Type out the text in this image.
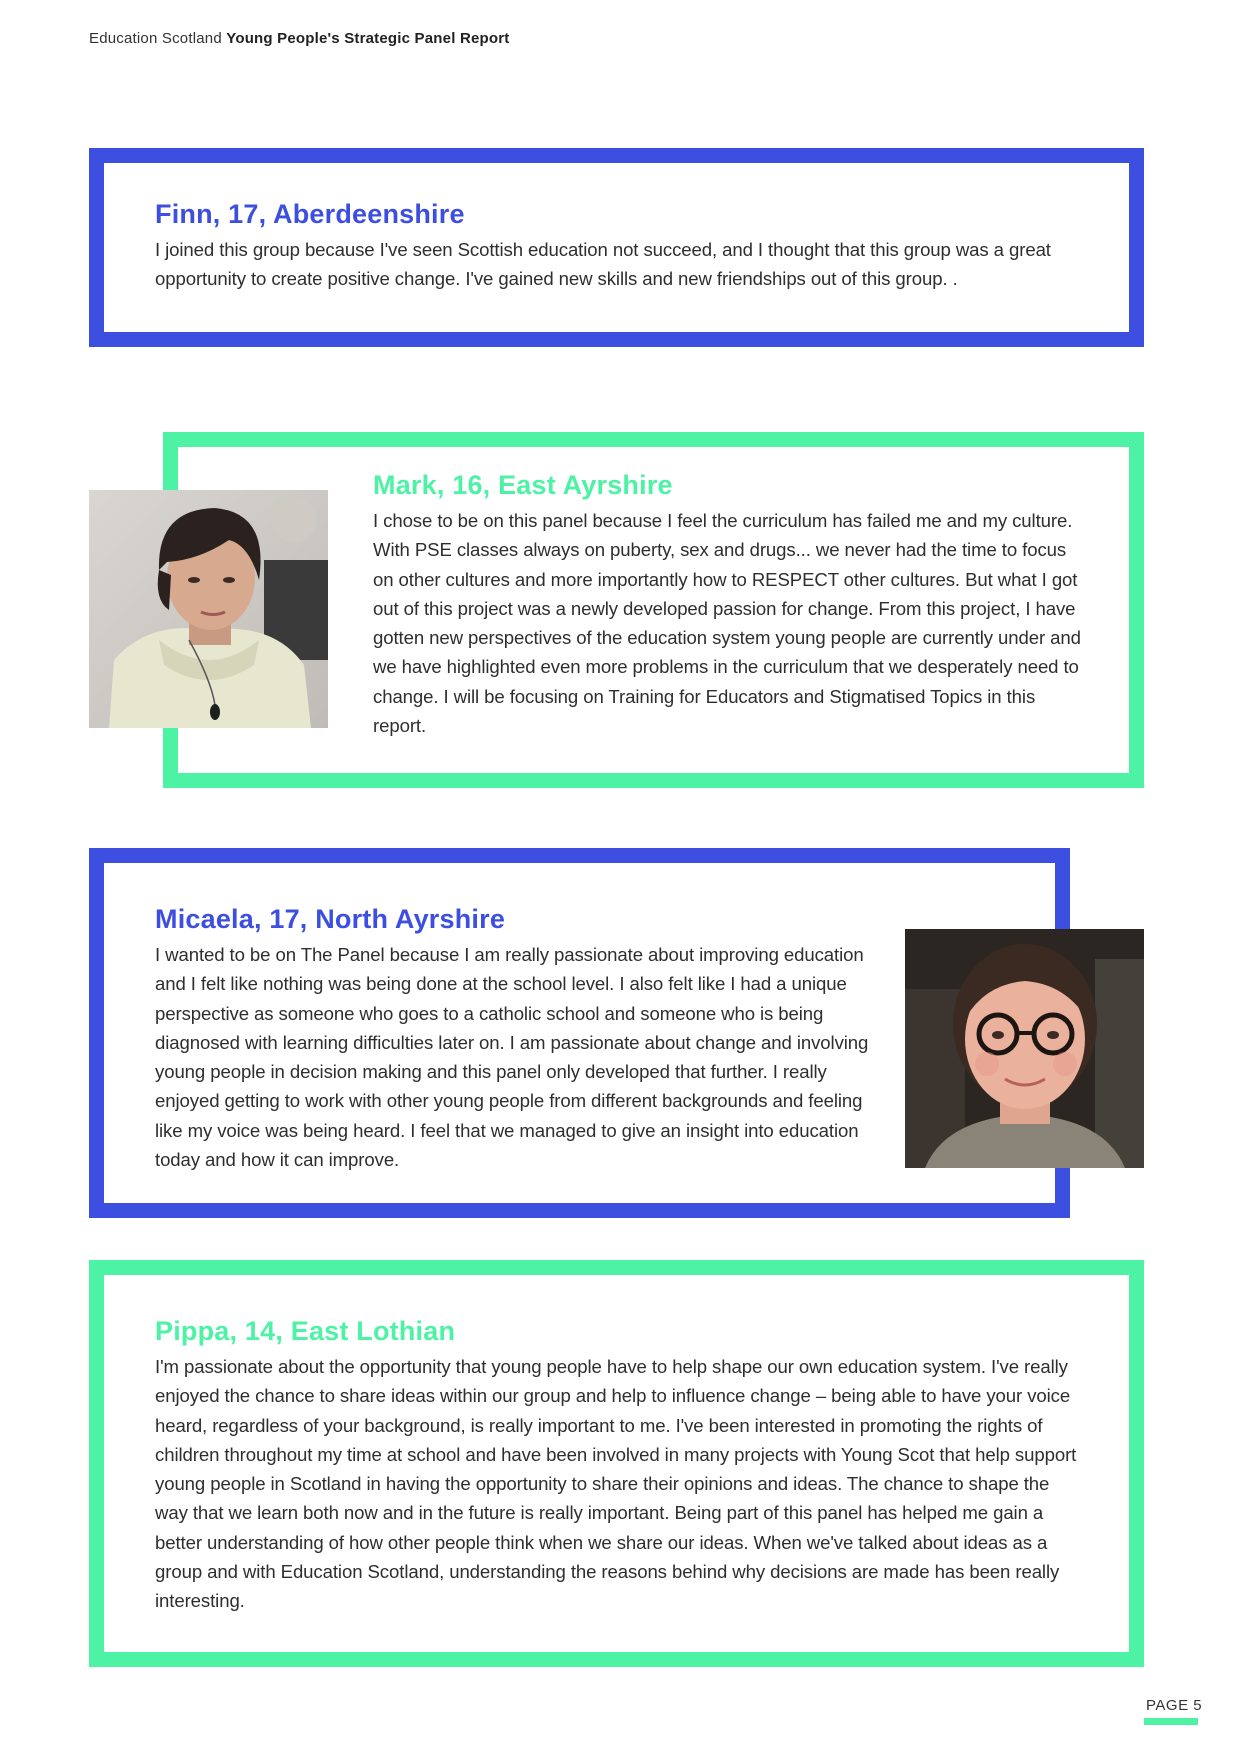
Education Scotland Young People's Strategic Panel Report
Finn, 17, Aberdeenshire
I joined this group because I've seen Scottish education not succeed, and I thought that this group was a great opportunity to create positive change. I've gained new skills and new friendships out of this group. .
Mark, 16, East Ayrshire
I chose to be on this panel because I feel the curriculum has failed me and my culture. With PSE classes always on puberty, sex and drugs... we never had the time to focus on other cultures and more importantly how to RESPECT other cultures. But what I got out of this project was a newly developed passion for change. From this project, I have gotten new perspectives of the education system young people are currently under and we have highlighted even more problems in the curriculum that we desperately need to change. I will be focusing on Training for Educators and Stigmatised Topics in this report.
Micaela, 17, North Ayrshire
I wanted to be on The Panel because I am really passionate about improving education and I felt like nothing was being done at the school level. I also felt like I had a unique perspective as someone who goes to a catholic school and someone who is being diagnosed with learning difficulties later on. I am passionate about change and involving young people in decision making and this panel only developed that further. I really enjoyed getting to work with other young people from different backgrounds and feeling like my voice was being heard. I feel that we managed to give an insight into education today and how it can improve.
Pippa, 14, East Lothian
I'm passionate about the opportunity that young people have to help shape our own education system. I've really enjoyed the chance to share ideas within our group and help to influence change – being able to have your voice heard, regardless of your background, is really important to me. I've been interested in promoting the rights of children throughout my time at school and have been involved in many projects with Young Scot that help support young people in Scotland in having the opportunity to share their opinions and ideas. The chance to shape the way that we learn both now and in the future is really important. Being part of this panel has helped me gain a better understanding of how other people think when we share our ideas. When we've talked about ideas as a group and with Education Scotland, understanding the reasons behind why decisions are made has been really interesting.
PAGE 5
